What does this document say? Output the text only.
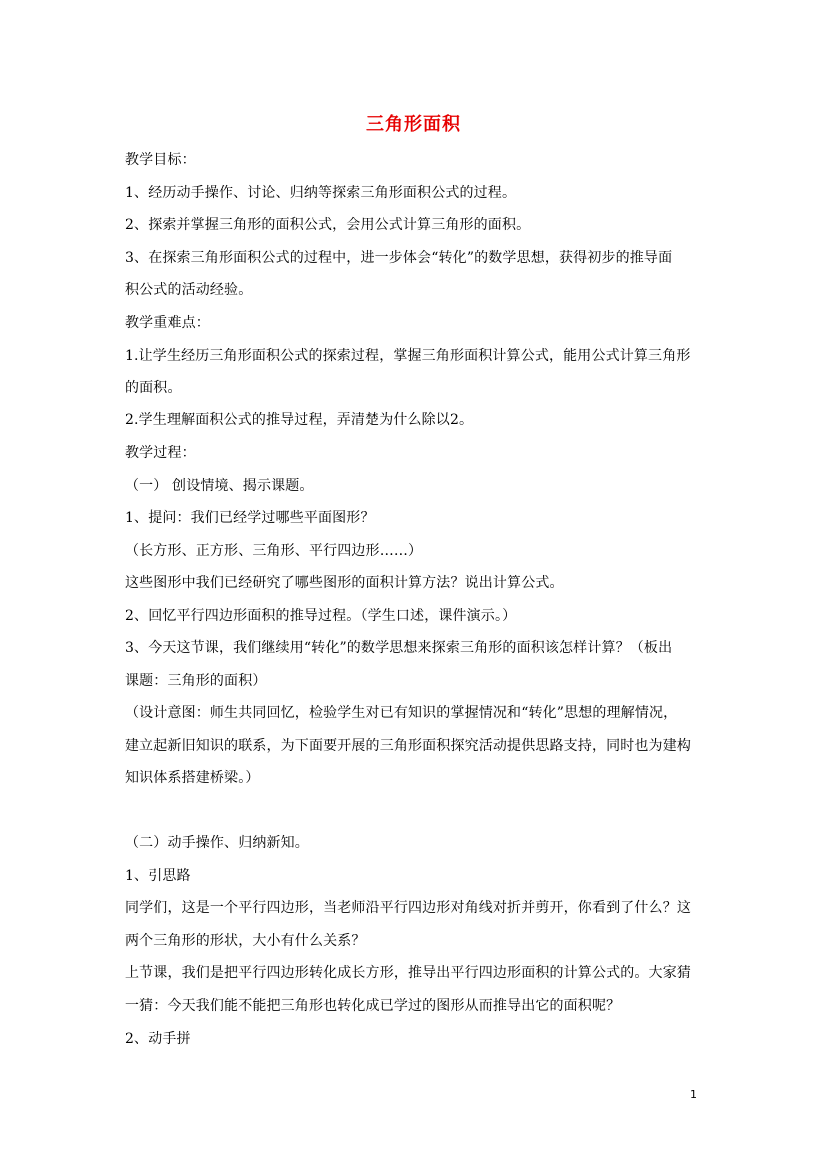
三角形面积
教学目标：
1、经历动手操作、讨论、归纳等探索三角形面积公式的过程。
2、探索并掌握三角形的面积公式，会用公式计算三角形的面积。
3、在探索三角形面积公式的过程中，进一步体会“转化”的数学思想，获得初步的推导面
积公式的活动经验。
教学重难点：
1.让学生经历三角形面积公式的探索过程，掌握三角形面积计算公式，能用公式计算三角形
的面积。
2.学生理解面积公式的推导过程，弄清楚为什么除以2。
教学过程：
（一） 创设情境、揭示课题。
1、提问：我们已经学过哪些平面图形？
（长方形、正方形、三角形、平行四边形……）
这些图形中我们已经研究了哪些图形的面积计算方法？说出计算公式。
2、回忆平行四边形面积的推导过程。（学生口述，课件演示。）
3、今天这节课，我们继续用“转化”的数学思想来探索三角形的面积该怎样计算？（板出
课题：三角形的面积）
（设计意图：师生共同回忆，检验学生对已有知识的掌握情况和“转化”思想的理解情况，
建立起新旧知识的联系，为下面要开展的三角形面积探究活动提供思路支持，同时也为建构
知识体系搭建桥梁。）
（二）动手操作、归纳新知。
1、引思路
同学们，这是一个平行四边形，当老师沿平行四边形对角线对折并剪开，你看到了什么？这
两个三角形的形状，大小有什么关系？
上节课，我们是把平行四边形转化成长方形，推导出平行四边形面积的计算公式的。大家猜
一猜：今天我们能不能把三角形也转化成已学过的图形从而推导出它的面积呢？
2、动手拼
1
